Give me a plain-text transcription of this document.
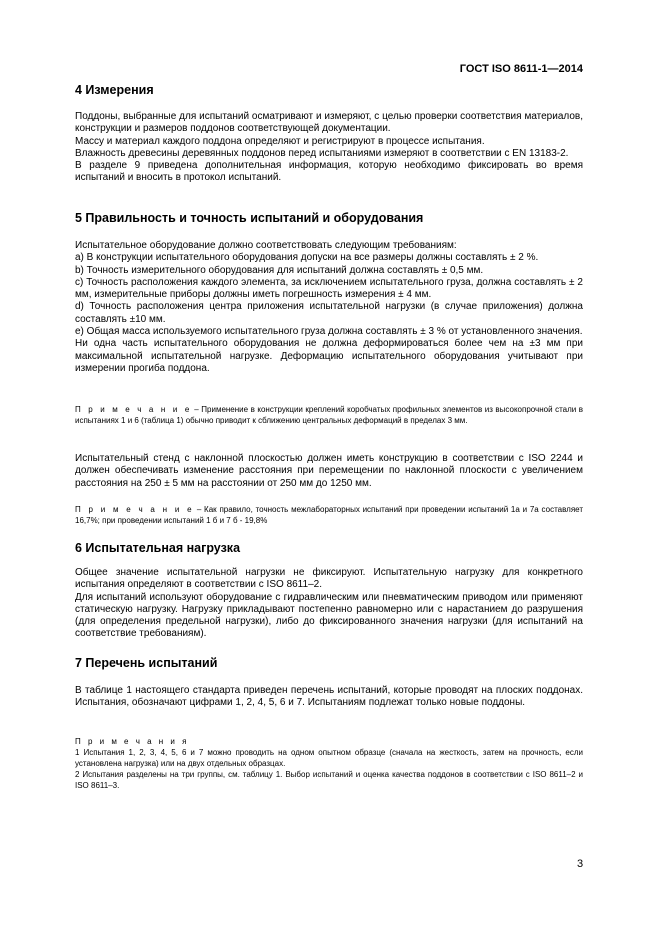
ГОСТ ISO 8611-1—2014
4 Измерения

Поддоны, выбранные для испытаний осматривают и измеряют, с целью проверки соответствия материалов, конструкции и размеров поддонов соответствующей документации.

Массу и материал каждого поддона определяют и регистрируют в процессе испытания.

Влажность древесины деревянных поддонов перед испытаниями измеряют в соответствии с EN 13183-2.

В разделе 9 приведена дополнительная информация, которую необходимо фиксировать во время испытаний и вносить в протокол испытаний.

5 Правильность и точность испытаний и оборудования

Испытательное оборудование должно соответствовать следующим требованиям:

а) В конструкции испытательного оборудования допуски на все размеры должны составлять ± 2 %.

b) Точность измерительного оборудования для испытаний должна составлять ± 0,5 мм.

с) Точность расположения каждого элемента, за исключением испытательного груза, должна составлять ± 2 мм, измерительные приборы должны иметь погрешность измерения ± 4 мм.

d) Точность расположения центра приложения испытательной нагрузки (в случае приложения) должна составлять ±10 мм.

е) Общая масса используемого испытательного груза должна составлять ± 3 % от установленного значения.

Ни одна часть испытательного оборудования не должна деформироваться более чем на ±3 мм при максимальной испытательной нагрузке. Деформацию испытательного оборудования учитывают при измерении прогиба поддона.

П р и м е ч а н и е – Применение в конструкции креплений коробчатых профильных элементов из высокопрочной стали в испытаниях 1 и 6 (таблица 1) обычно приводит к сближению центральных деформаций в пределах 3 мм.

Испытательный стенд с наклонной плоскостью должен иметь конструкцию в соответствии с ISO 2244 и должен обеспечивать изменение расстояния при перемещении по наклонной плоскости с увеличением расстояния на 250 ± 5 мм на расстоянии от 250 мм до 1250 мм.

П р и м е ч а н и е – Как правило, точность межлабораторных испытаний при проведении испытаний 1а и 7а составляет 16,7%; при проведении испытаний 1 б и 7 б - 19,8%

6 Испытательная нагрузка

Общее значение испытательной нагрузки не фиксируют. Испытательную нагрузку для конкретного испытания определяют в соответствии с ISO 8611–2.

Для испытаний используют оборудование с гидравлическим или пневматическим приводом или применяют статическую нагрузку. Нагрузку прикладывают постепенно равномерно или с нарастанием до разрушения (для определения предельной нагрузки), либо до фиксированного значения нагрузки (для испытаний на соответствие требованиям).

7 Перечень испытаний

В таблице 1 настоящего стандарта приведен перечень испытаний, которые проводят на плоских поддонах. Испытания, обозначают цифрами 1, 2, 4, 5, 6 и 7. Испытаниям подлежат только новые поддоны.

П р и м е ч а н и я

1 Испытания 1, 2, 3, 4, 5, 6 и 7 можно проводить на одном опытном образце (сначала на жесткость, затем на прочность, если установлена нагрузка) или на двух отдельных образцах.

2 Испытания разделены на три группы, см. таблицу 1. Выбор испытаний и оценка качества поддонов в соответствии с ISO 8611–2 и ISO 8611–3.

3
